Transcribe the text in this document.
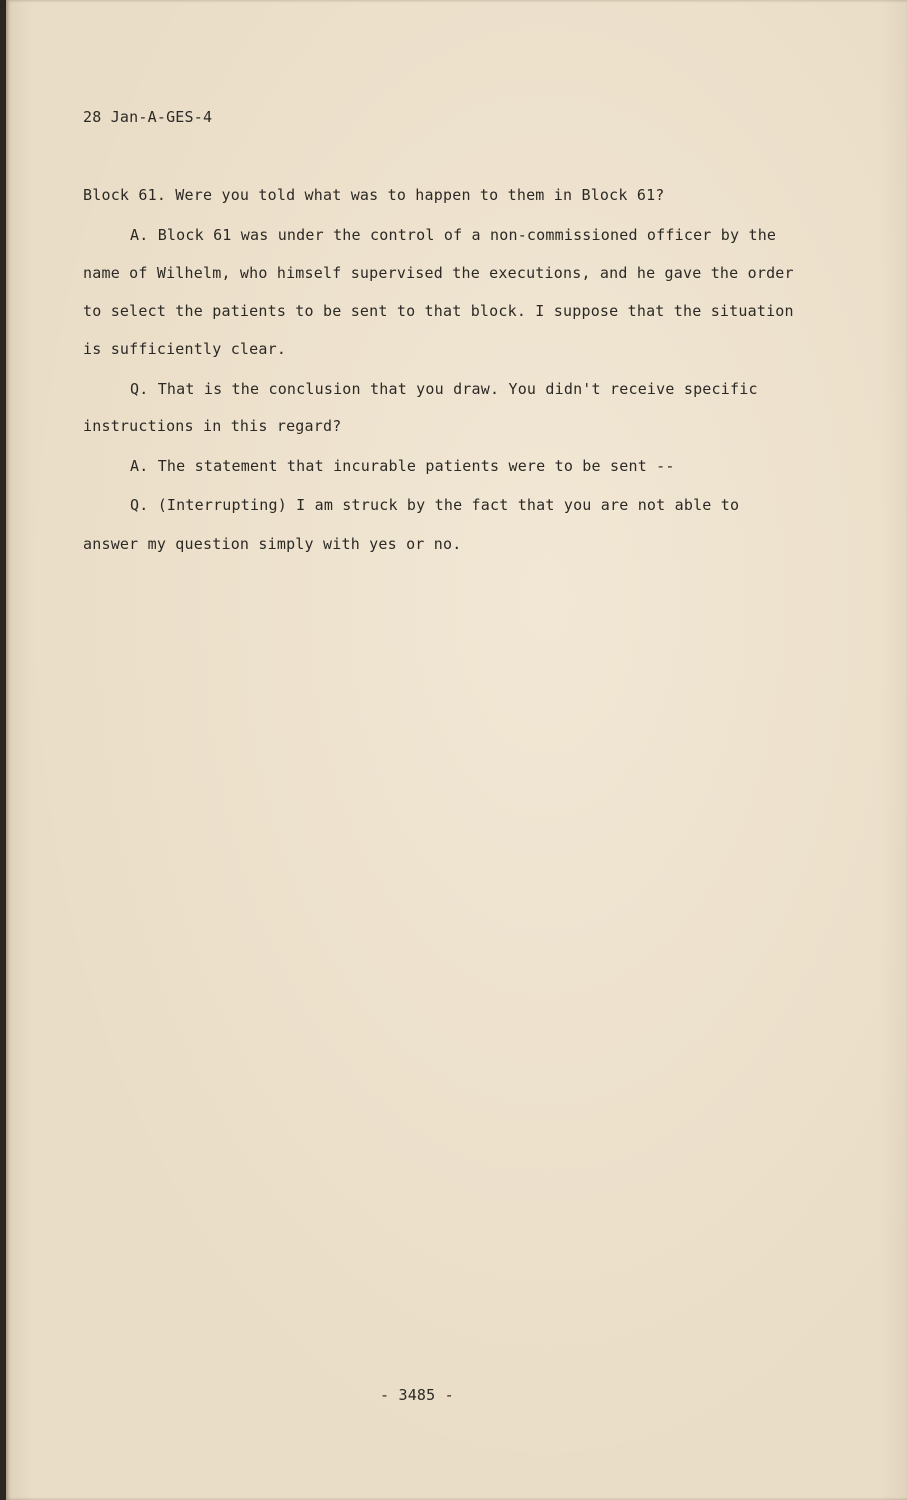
28 Jan-A-GES-4

Block 61. Were you told what was to happen to them in Block 61?

A. Block 61 was under the control of a non-commissioned officer by the

name of Wilhelm, who himself supervised the executions, and he gave the order

to select the patients to be sent to that block. I suppose that the situation

is sufficiently clear.

Q. That is the conclusion that you draw. You didn't receive specific

instructions in this regard?

A. The statement that incurable patients were to be sent --

Q. (Interrupting) I am struck by the fact that you are not able to

answer my question simply with yes or no.

- 3485 -
